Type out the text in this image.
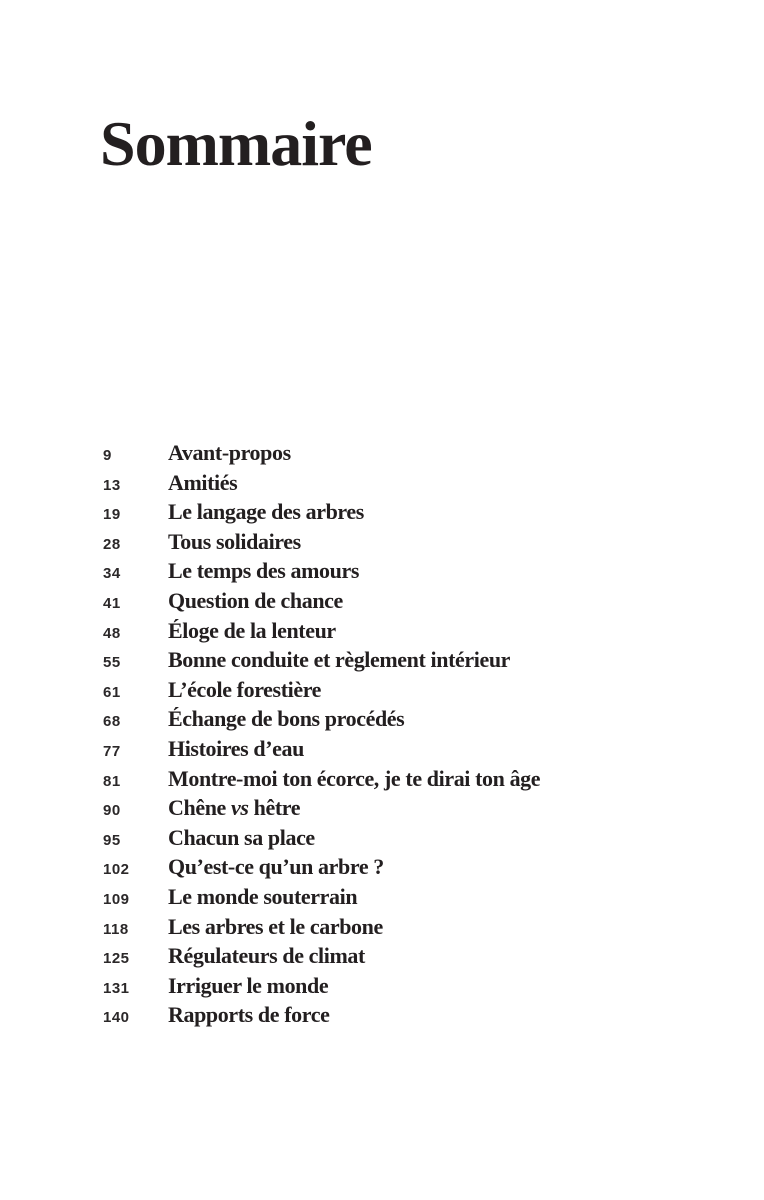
Sommaire
9	Avant-propos
13	Amitiés
19	Le langage des arbres
28	Tous solidaires
34	Le temps des amours
41	Question de chance
48	Éloge de la lenteur
55	Bonne conduite et règlement intérieur
61	L’école forestière
68	Échange de bons procédés
77	Histoires d’eau
81	Montre-moi ton écorce, je te dirai ton âge
90	Chêne vs hêtre
95	Chacun sa place
102	Qu’est-ce qu’un arbre ?
109	Le monde souterrain
118	Les arbres et le carbone
125	Régulateurs de climat
131	Irriguer le monde
140	Rapports de force
